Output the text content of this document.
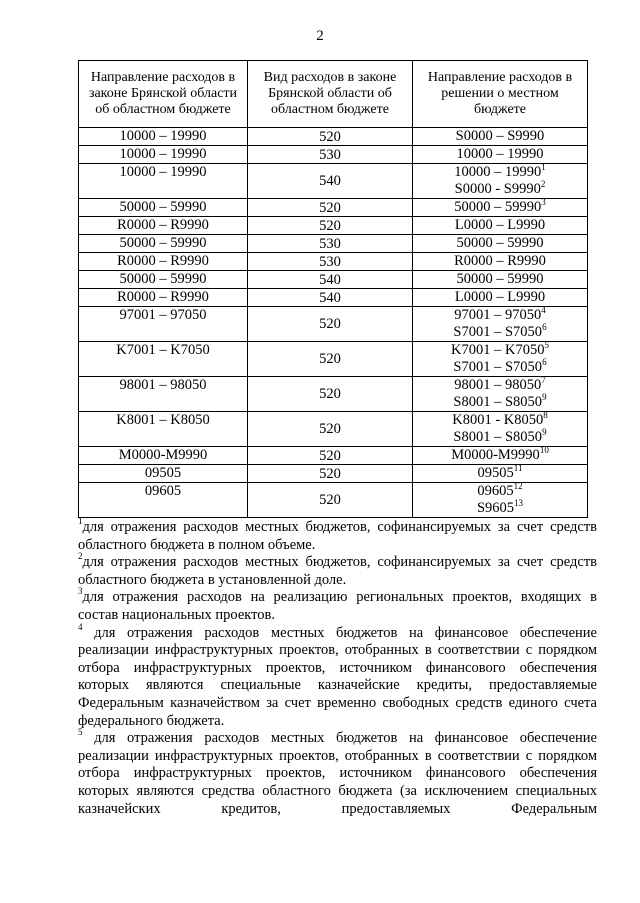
2
Направление расходов в законе Брянской области об областном бюджете	Вид расходов в законе Брянской области об областном бюджете	Направление расходов в решении о местном бюджете
10000 – 19990	520	S0000 – S9990

10000 – 19990	530	10000 – 19990

10000 – 19990	540	10000 – 19990$^1$
S0000 - S9990$^2$

50000 – 59990	520	50000 – 59990$^3$

R0000 – R9990	520	L0000 – L9990

50000 – 59990	530	50000 – 59990

R0000 – R9990	530	R0000 – R9990

50000 – 59990	540	50000 – 59990

R0000 – R9990	540	L0000 – L9990

97001 – 97050	520	97001 – 97050$^4$
S7001 – S7050$^6$

K7001 – K7050	520	K7001 – K7050$^5$
S7001 – S7050$^6$

98001 – 98050	520	98001 – 98050$^7$
S8001 – S8050$^9$

K8001 – K8050	520	K8001 - K8050$^8$
S8001 – S8050$^9$

M0000-M9990	520	M0000-M9990$^{10}$

09505	520	09505$^{11}$

09605	520	09605$^{12}$
S9605$^{13}$

$^1$для отражения расходов местных бюджетов, софинансируемых за счет средств областного бюджета в полном объеме.

$^2$для отражения расходов местных бюджетов, софинансируемых за счет средств областного бюджета в установленной доле.

$^3$для отражения расходов на реализацию региональных проектов, входящих в состав национальных проектов.

$^4$ для отражения расходов местных бюджетов на финансовое обеспечение реализации инфраструктурных проектов, отобранных в соответствии с порядком отбора инфраструктурных проектов, источником финансового обеспечения которых являются специальные казначейские кредиты, предоставляемые Федеральным казначейством за счет временно свободных средств единого счета федерального бюджета.

$^5$ для отражения расходов местных бюджетов на финансовое обеспечение реализации инфраструктурных проектов, отобранных в соответствии с порядком отбора инфраструктурных проектов, источником финансового обеспечения которых являются средства областного бюджета (за исключением специальных казначейских кредитов, предоставляемых Федеральным
